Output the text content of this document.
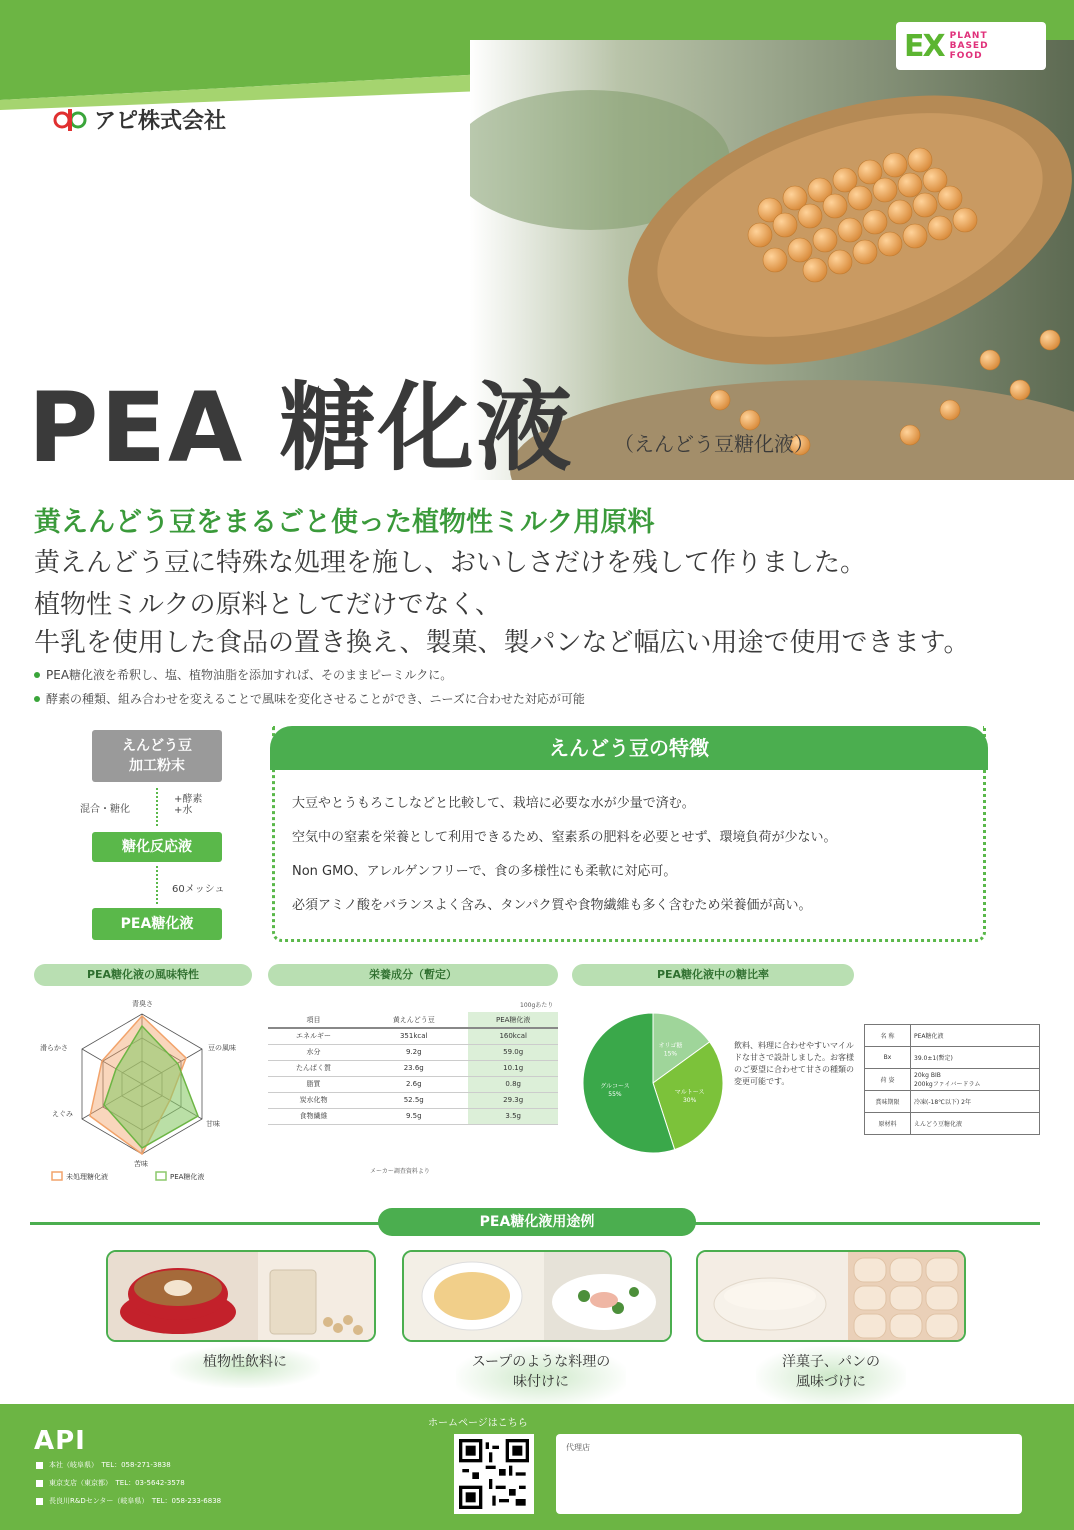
EX PLANT
BASED
FOOD
アピ株式会社
PEA 糖化液 （えんどう豆糖化液）
黄えんどう豆をまるごと使った植物性ミルク用原料
黄えんどう豆に特殊な処理を施し、おいしさだけを残して作りました。
植物性ミルクの原料としてだけでなく、
牛乳を使用した食品の置き換え、製菓、製パンなど幅広い用途で使用できます。
PEA糖化液を希釈し、塩、植物油脂を添加すれば、そのままピーミルクに。
酵素の種類、組み合わせを変えることで風味を変化させることができ、ニーズに合わせた対応が可能
えんどう豆
加工粉末
混合・糖化
+酵素
+水
糖化反応液
60メッシュ
PEA糖化液
えんどう豆の特徴
大豆やとうもろこしなどと比較して、栽培に必要な水が少量で済む。
空気中の窒素を栄養として利用できるため、窒素系の肥料を必要とせず、環境負荷が少ない。
Non GMO、アレルゲンフリーで、食の多様性にも柔軟に対応可。
必須アミノ酸をバランスよく含み、タンパク質や食物繊維も多く含むため栄養価が高い。
PEA糖化液の風味特性	栄養成分（暫定）	PEA糖化液中の糖比率
青臭さ
豆の風味
甘味
苦味
えぐみ
滑らかさ
未処理糖化液	PEA糖化液
100gあたり
項目	黄えんどう豆	PEA糖化液
エネルギー	351kcal	160kcal
水分	9.2g	59.0g
たんぱく質	23.6g	10.1g
脂質	2.6g	0.8g
炭水化物	52.5g	29.3g
食物繊維	9.5g	3.5g
メーカー調査資料より
オリゴ糖
15%
マルトース
30%
グルコース
55%
飲料、料理に合わせやすいマイルドな甘さで設計しました。お客様のご要望に合わせて甘さの種類の変更可能です。
名 称	PEA糖化液
Bx	39.0±1(暫定)
荷 姿	20kg BIB
200kgファイバードラム
賞味期限	冷凍(-18℃以下) 2年
原材料	えんどう豆糖化液
PEA糖化液用途例
植物性飲料に	スープのような料理の
味付けに
洋菓子、パンの
風味づけに
API
本社（岐阜県）　TEL：058-271-3838
東京支店（東京都）　TEL：03-5642-3578
長良川R&Dセンター（岐阜県）　TEL：058-233-6838
ホームページはこちら
代理店
